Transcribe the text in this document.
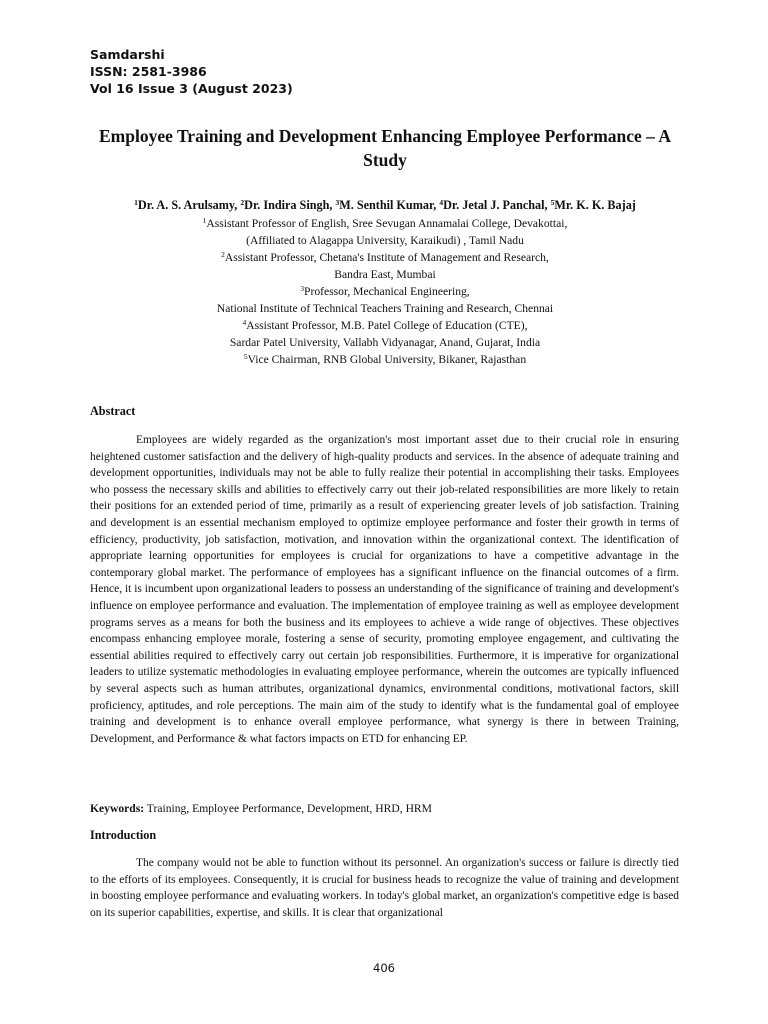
Samdarshi
ISSN: 2581-3986
Vol 16 Issue 3 (August 2023)
Employee Training and Development Enhancing Employee Performance – A Study
$^1$Dr. A. S. Arulsamy, $^2$Dr. Indira Singh, $^3$M. Senthil Kumar, $^4$Dr. Jetal J. Panchal, $^5$Mr. K. K. Bajaj
$^1$Assistant Professor of English, Sree Sevugan Annamalai College, Devakottai,
(Affiliated to Alagappa University, Karaikudi) , Tamil Nadu
$^2$Assistant Professor, Chetana's Institute of Management and Research,
Bandra East, Mumbai
$^3$Professor, Mechanical Engineering,
National Institute of Technical Teachers Training and Research, Chennai
$^4$Assistant Professor, M.B. Patel College of Education (CTE),
Sardar Patel University, Vallabh Vidyanagar, Anand, Gujarat, India
$^5$Vice Chairman, RNB Global University, Bikaner, Rajasthan
Abstract
Employees are widely regarded as the organization's most important asset due to their crucial role in ensuring heightened customer satisfaction and the delivery of high-quality products and services. In the absence of adequate training and development opportunities, individuals may not be able to fully realize their potential in accomplishing their tasks. Employees who possess the necessary skills and abilities to effectively carry out their job-related responsibilities are more likely to retain their positions for an extended period of time, primarily as a result of experiencing greater levels of job satisfaction. Training and development is an essential mechanism employed to optimize employee performance and foster their growth in terms of efficiency, productivity, job satisfaction, motivation, and innovation within the organizational context. The identification of appropriate learning opportunities for employees is crucial for organizations to have a competitive advantage in the contemporary global market. The performance of employees has a significant influence on the financial outcomes of a firm. Hence, it is incumbent upon organizational leaders to possess an understanding of the significance of training and development's influence on employee performance and evaluation. The implementation of employee training as well as employee development programs serves as a means for both the business and its employees to achieve a wide range of objectives. These objectives encompass enhancing employee morale, fostering a sense of security, promoting employee engagement, and cultivating the essential abilities required to effectively carry out certain job responsibilities. Furthermore, it is imperative for organizational leaders to utilize systematic methodologies in evaluating employee performance, wherein the outcomes are typically influenced by several aspects such as human attributes, organizational dynamics, environmental conditions, motivational factors, skill proficiency, aptitudes, and role perceptions. The main aim of the study to identify what is the fundamental goal of employee training and development is to enhance overall employee performance, what synergy is there in between Training, Development, and Performance & what factors impacts on ETD for enhancing EP.
Keywords: Training, Employee Performance, Development, HRD, HRM
Introduction
The company would not be able to function without its personnel. An organization's success or failure is directly tied to the efforts of its employees. Consequently, it is crucial for business heads to recognize the value of training and development in boosting employee performance and evaluating workers. In today's global market, an organization's competitive edge is based on its superior capabilities, expertise, and skills. It is clear that organizational
406
